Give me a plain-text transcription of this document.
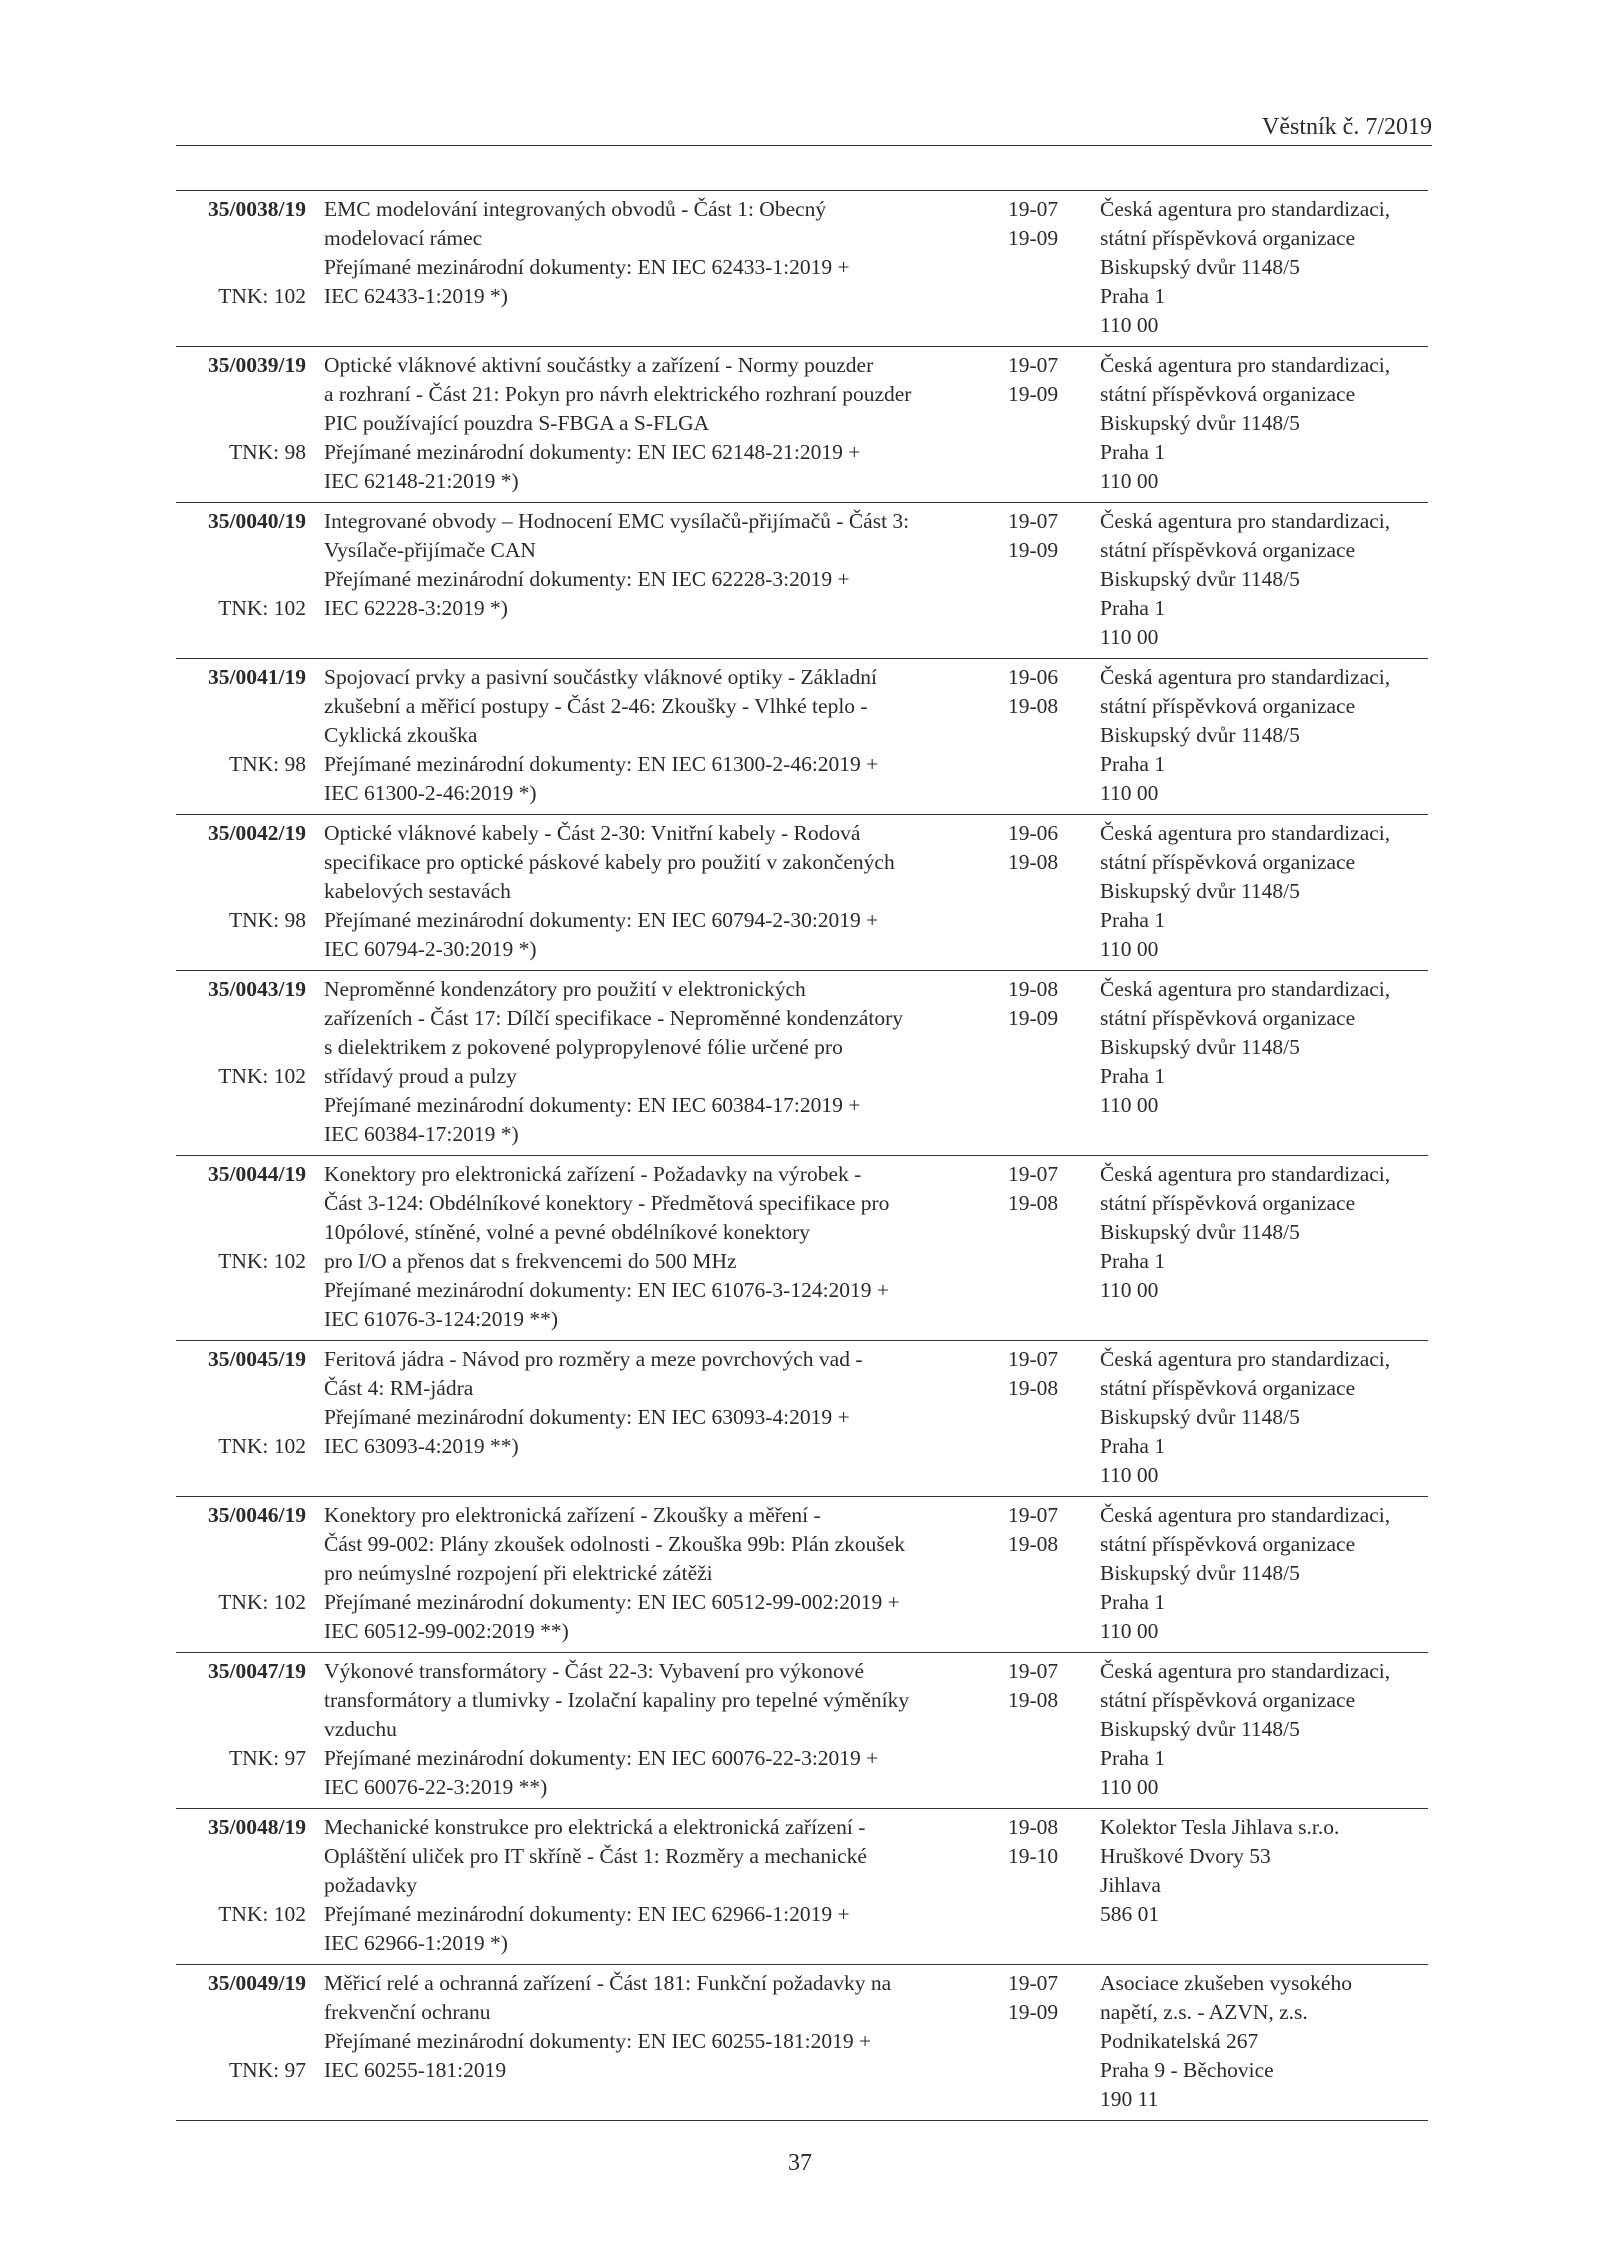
Věstník č. 7/2019
35/0038/19

TNK: 102

EMC modelování integrovaných obvodů - Část 1: Obecný
modelovací rámec
Přejímané mezinárodní dokumenty: EN IEC 62433-1:2019 +
IEC 62433-1:2019 *)
19-07
19-09
Česká agentura pro standardizaci,
státní příspěvková organizace
Biskupský dvůr 1148/5
Praha 1
110 00
35/0039/19

TNK: 98

Optické vláknové aktivní součástky a zařízení - Normy pouzder
a rozhraní - Část 21: Pokyn pro návrh elektrického rozhraní pouzder
PIC používající pouzdra S-FBGA a S-FLGA
Přejímané mezinárodní dokumenty: EN IEC 62148-21:2019 +
IEC 62148-21:2019 *)
19-07
19-09
Česká agentura pro standardizaci,
státní příspěvková organizace
Biskupský dvůr 1148/5
Praha 1
110 00
35/0040/19

TNK: 102

Integrované obvody – Hodnocení EMC vysílačů-přijímačů - Část 3:
Vysílače-přijímače CAN
Přejímané mezinárodní dokumenty: EN IEC 62228-3:2019 +
IEC 62228-3:2019 *)
19-07
19-09
Česká agentura pro standardizaci,
státní příspěvková organizace
Biskupský dvůr 1148/5
Praha 1
110 00
35/0041/19

TNK: 98

Spojovací prvky a pasivní součástky vláknové optiky - Základní
zkušební a měřicí postupy - Část 2-46: Zkoušky - Vlhké teplo -
Cyklická zkouška
Přejímané mezinárodní dokumenty: EN IEC 61300-2-46:2019 +
IEC 61300-2-46:2019 *)
19-06
19-08
Česká agentura pro standardizaci,
státní příspěvková organizace
Biskupský dvůr 1148/5
Praha 1
110 00
35/0042/19

TNK: 98

Optické vláknové kabely - Část 2-30: Vnitřní kabely - Rodová
specifikace pro optické páskové kabely pro použití v zakončených
kabelových sestavách
Přejímané mezinárodní dokumenty: EN IEC 60794-2-30:2019 +
IEC 60794-2-30:2019 *)
19-06
19-08
Česká agentura pro standardizaci,
státní příspěvková organizace
Biskupský dvůr 1148/5
Praha 1
110 00
35/0043/19

TNK: 102

Neproměnné kondenzátory pro použití v elektronických
zařízeních - Část 17: Dílčí specifikace - Neproměnné kondenzátory
s dielektrikem z pokovené polypropylenové fólie určené pro
střídavý proud a pulzy
Přejímané mezinárodní dokumenty: EN IEC 60384-17:2019 +
IEC 60384-17:2019 *)
19-08
19-09
Česká agentura pro standardizaci,
státní příspěvková organizace
Biskupský dvůr 1148/5
Praha 1
110 00
35/0044/19

TNK: 102

Konektory pro elektronická zařízení - Požadavky na výrobek -
Část 3-124: Obdélníkové konektory - Předmětová specifikace pro
10pólové, stíněné, volné a pevné obdélníkové konektory
pro I/O a přenos dat s frekvencemi do 500 MHz
Přejímané mezinárodní dokumenty: EN IEC 61076-3-124:2019 +
IEC 61076-3-124:2019 **)
19-07
19-08
Česká agentura pro standardizaci,
státní příspěvková organizace
Biskupský dvůr 1148/5
Praha 1
110 00
35/0045/19

TNK: 102

Feritová jádra - Návod pro rozměry a meze povrchových vad -
Část 4: RM-jádra
Přejímané mezinárodní dokumenty: EN IEC 63093-4:2019 +
IEC 63093-4:2019 **)
19-07
19-08
Česká agentura pro standardizaci,
státní příspěvková organizace
Biskupský dvůr 1148/5
Praha 1
110 00
35/0046/19

TNK: 102

Konektory pro elektronická zařízení - Zkoušky a měření -
Část 99-002: Plány zkoušek odolnosti - Zkouška 99b: Plán zkoušek
pro neúmyslné rozpojení při elektrické zátěži
Přejímané mezinárodní dokumenty: EN IEC 60512-99-002:2019 +
IEC 60512-99-002:2019 **)
19-07
19-08
Česká agentura pro standardizaci,
státní příspěvková organizace
Biskupský dvůr 1148/5
Praha 1
110 00
35/0047/19

TNK: 97

Výkonové transformátory - Část 22-3: Vybavení pro výkonové
transformátory a tlumivky - Izolační kapaliny pro tepelné výměníky
vzduchu
Přejímané mezinárodní dokumenty: EN IEC 60076-22-3:2019 +
IEC 60076-22-3:2019 **)
19-07
19-08
Česká agentura pro standardizaci,
státní příspěvková organizace
Biskupský dvůr 1148/5
Praha 1
110 00
35/0048/19

TNK: 102

Mechanické konstrukce pro elektrická a elektronická zařízení -
Opláštění uliček pro IT skříně - Část 1: Rozměry a mechanické
požadavky
Přejímané mezinárodní dokumenty: EN IEC 62966-1:2019 +
IEC 62966-1:2019 *)
19-08
19-10
Kolektor Tesla Jihlava s.r.o.
Hruškové Dvory 53
Jihlava
586 01
35/0049/19

TNK: 97

Měřicí relé a ochranná zařízení - Část 181: Funkční požadavky na
frekvenční ochranu
Přejímané mezinárodní dokumenty: EN IEC 60255-181:2019 +
IEC 60255-181:2019
19-07
19-09
Asociace zkušeben vysokého
napětí, z.s. - AZVN, z.s.
Podnikatelská 267
Praha 9 - Běchovice
190 11
37
